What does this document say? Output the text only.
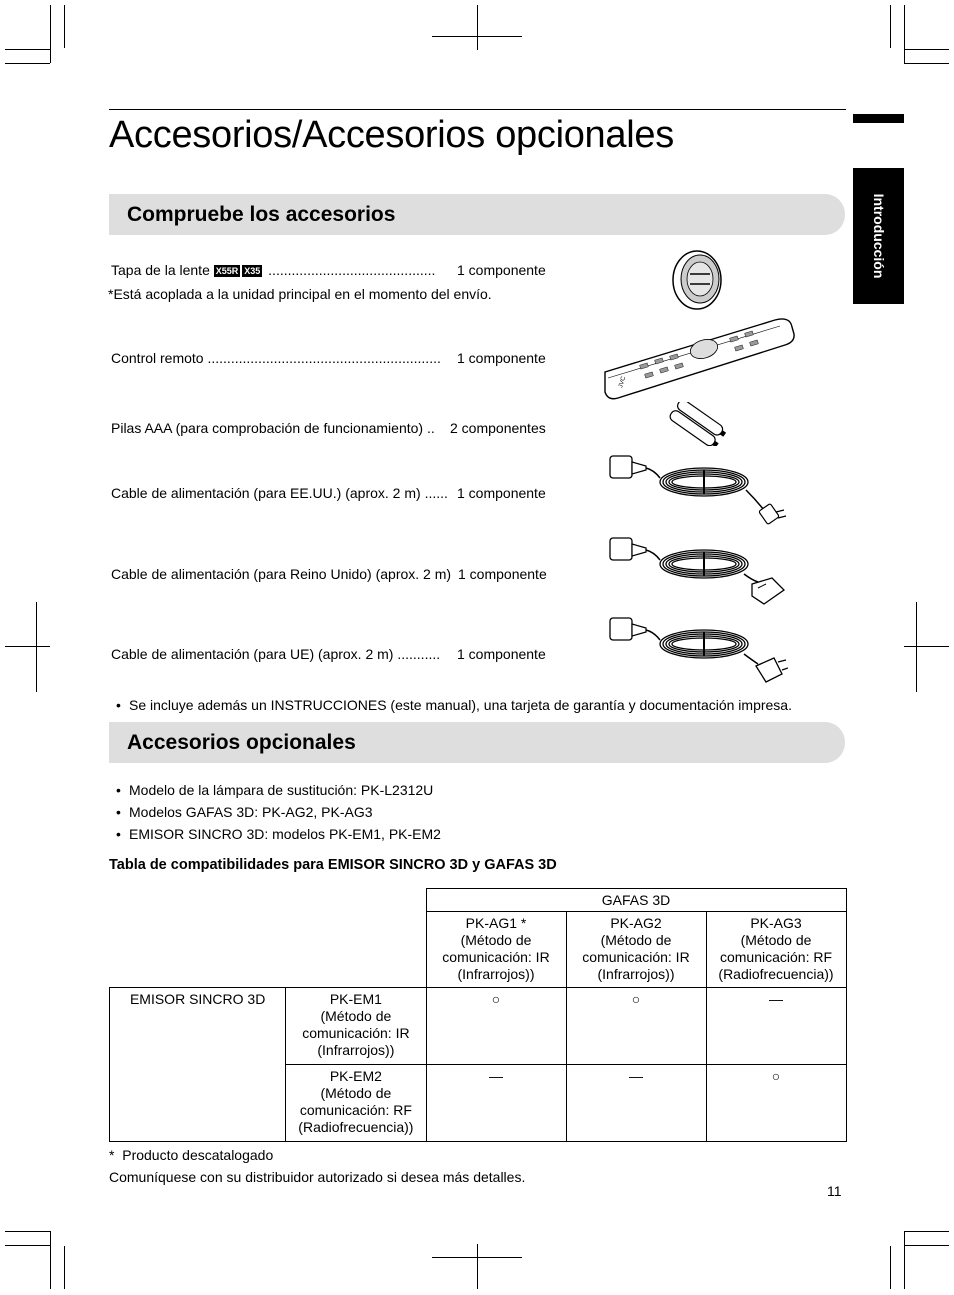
Introducción
Accesorios/Accesorios opcionales
Compruebe los accesorios
Tapa de la lente X55R X35 ........................................... 1 componente
*Está acoplada a la unidad principal en el momento del envío.
Control remoto ............................................................ 1 componente
Pilas AAA (para comprobación de funcionamiento) .. 2 componentes
Cable de alimentación (para EE.UU.) (aprox. 2 m) ...... 1 componente
Cable de alimentación (para Reino Unido) (aprox. 2 m) 1 componente
Cable de alimentación (para UE) (aprox. 2 m) ........... 1 componente
JVC
• Se incluye además un INSTRUCCIONES (este manual), una tarjeta de garantía y documentación impresa.
Accesorios opcionales
• Modelo de la lámpara de sustitución: PK-L2312U
• Modelos GAFAS 3D: PK-AG2, PK-AG3
• EMISOR SINCRO 3D: modelos PK-EM1, PK-EM2
Tabla de compatibilidades para EMISOR SINCRO 3D y GAFAS 3D
		GAFAS 3D		
		PK-AG1 *
(Método de
comunicación: IR
(Infrarrojos))	PK-AG2
(Método de
comunicación: IR
(Infrarrojos))	PK-AG3
(Método de
comunicación: RF
(Radiofrecuencia))
EMISOR SINCRO 3D	PK-EM1
(Método de
comunicación: IR
(Infrarrojos))	○	○	—
	PK-EM2
(Método de
comunicación: RF
(Radiofrecuencia))	—	—	○
* Producto descatalogado
Comuníquese con su distribuidor autorizado si desea más detalles.
11
